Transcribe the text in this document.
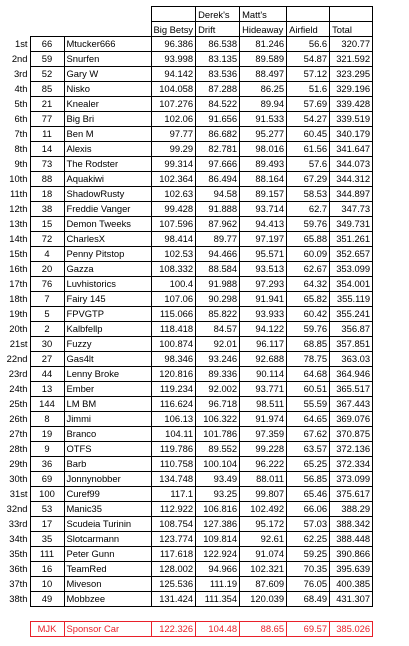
				Derek's	Matt's		
			Big Betsy	Drift	Hideaway	Airfield	Total
1st	66	Mtucker666	96.386	86.538	81.246	56.6	320.77
2nd	59	Snurfen	93.998	83.135	89.589	54.87	321.592
3rd	52	Gary W	94.142	83.536	88.497	57.12	323.295
4th	85	Nisko	104.058	87.288	86.25	51.6	329.196
5th	21	Knealer	107.276	84.522	89.94	57.69	339.428
6th	77	Big Bri	102.06	91.656	91.533	54.27	339.519
7th	11	Ben M	97.77	86.682	95.277	60.45	340.179
8th	14	Alexis	99.29	82.781	98.016	61.56	341.647
9th	73	The Rodster	99.314	97.666	89.493	57.6	344.073
10th	88	Aquakiwi	102.364	86.494	88.164	67.29	344.312
11th	18	ShadowRusty	102.63	94.58	89.157	58.53	344.897
12th	38	Freddie Vanger	99.428	91.888	93.714	62.7	347.73
13th	15	Demon Tweeks	107.596	87.962	94.413	59.76	349.731
14th	72	CharlesX	98.414	89.77	97.197	65.88	351.261
15th	4	Penny Pitstop	102.53	94.466	95.571	60.09	352.657
16th	20	Gazza	108.332	88.584	93.513	62.67	353.099
17th	76	Luvhistorics	100.4	91.988	97.293	64.32	354.001
18th	7	Fairy 145	107.06	90.298	91.941	65.82	355.119
19th	5	FPVGTP	115.066	85.822	93.933	60.42	355.241
20th	2	Kalbfellp	118.418	84.57	94.122	59.76	356.87
21st	30	Fuzzy	100.874	92.01	96.117	68.85	357.851
22nd	27	Gas4lt	98.346	93.246	92.688	78.75	363.03
23rd	44	Lenny Broke	120.816	89.336	90.114	64.68	364.946
24th	13	Ember	119.234	92.002	93.771	60.51	365.517
25th	144	LM BM	116.624	96.718	98.511	55.59	367.443
26th	8	Jimmi	106.13	106.322	91.974	64.65	369.076
27th	19	Branco	104.11	101.786	97.359	67.62	370.875
28th	9	OTFS	119.786	89.552	99.228	63.57	372.136
29th	36	Barb	110.758	100.104	96.222	65.25	372.334
30th	69	Jonnynobber	134.748	93.49	88.011	56.85	373.099
31st	100	Curef99	117.1	93.25	99.807	65.46	375.617
32nd	53	Manic35	112.922	106.816	102.492	66.06	388.29
33rd	17	Scudeia Turinin	108.754	127.386	95.172	57.03	388.342
34th	35	Slotcarmann	123.774	109.814	92.61	62.25	388.448
35th	111	Peter Gunn	117.618	122.924	91.074	59.25	390.866
36th	16	TeamRed	128.002	94.966	102.321	70.35	395.639
37th	10	Miveson	125.536	111.19	87.609	76.05	400.385
38th	49	Mobbzee	131.424	111.354	120.039	68.49	431.307

	MJK	Sponsor Car	122.326	104.48	88.65	69.57	385.026
